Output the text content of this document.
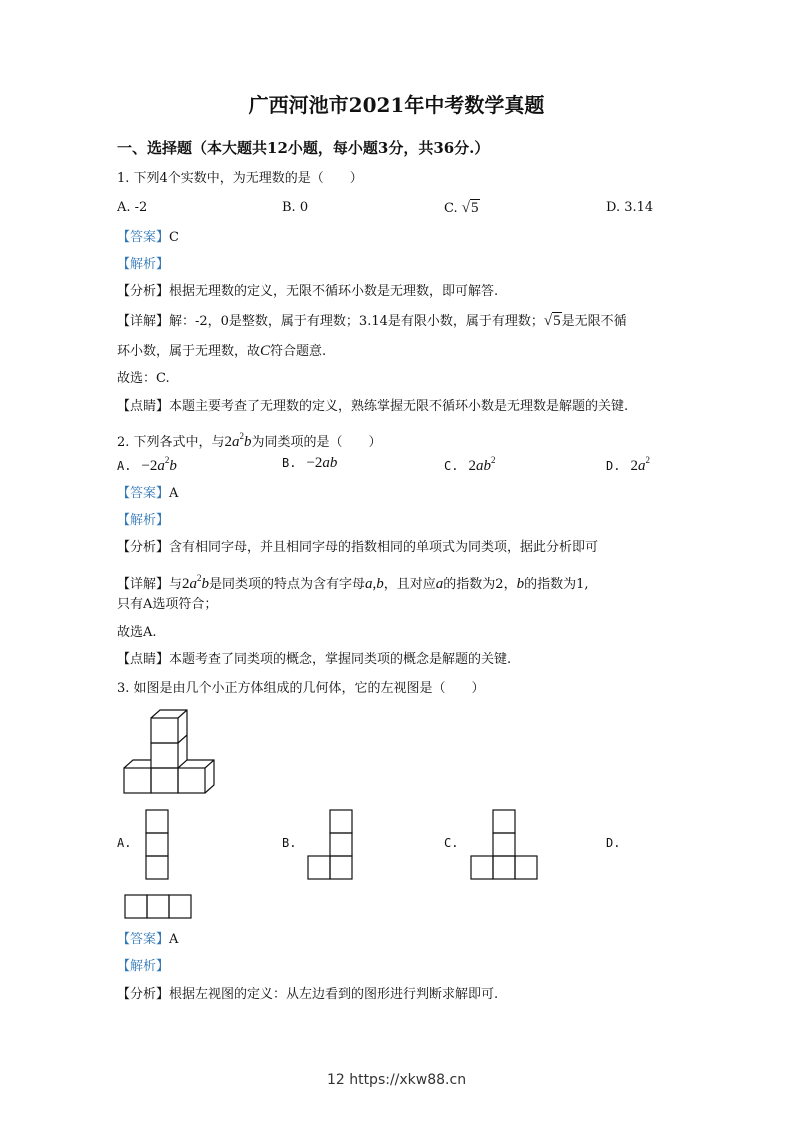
广西河池市2021年中考数学真题
一、选择题（本大题共12小题，每小题3分，共36分.）
1. 下列4个实数中，为无理数的是（　　）
【答案】C
【解析】
【分析】根据无理数的定义，无限不循环小数是无理数，即可解答.
【详解】解：-2，0是整数，属于有理数；3.14是有限小数，属于有理数；√5是无限不循
环小数，属于无理数，故C符合题意.
故选：C.
【点睛】本题主要考查了无理数的定义，熟练掌握无限不循环小数是无理数是解题的关键.
2. 下列各式中，与$2a^2b$为同类项的是（　　）
【答案】A
【解析】
【分析】含有相同字母，并且相同字母的指数相同的单项式为同类项，据此分析即可
【详解】与$2a^2b$是同类项的特点为含有字母a,b，且对应a的指数为2，b的指数为1,
只有A选项符合；
故选A.
【点睛】本题考查了同类项的概念，掌握同类项的概念是解题的关键.
3. 如图是由几个小正方体组成的几何体，它的左视图是（　　）
【答案】A
【解析】
【分析】根据左视图的定义：从左边看到的图形进行判断求解即可.
A. -2	B. 0	C. √5	D. 3.14
A. $-2a^2b$	B. −2ab	C. $2ab^2$	D. $2a^2$
A.	B.	C.	D.
12 https://xkw88.cn
